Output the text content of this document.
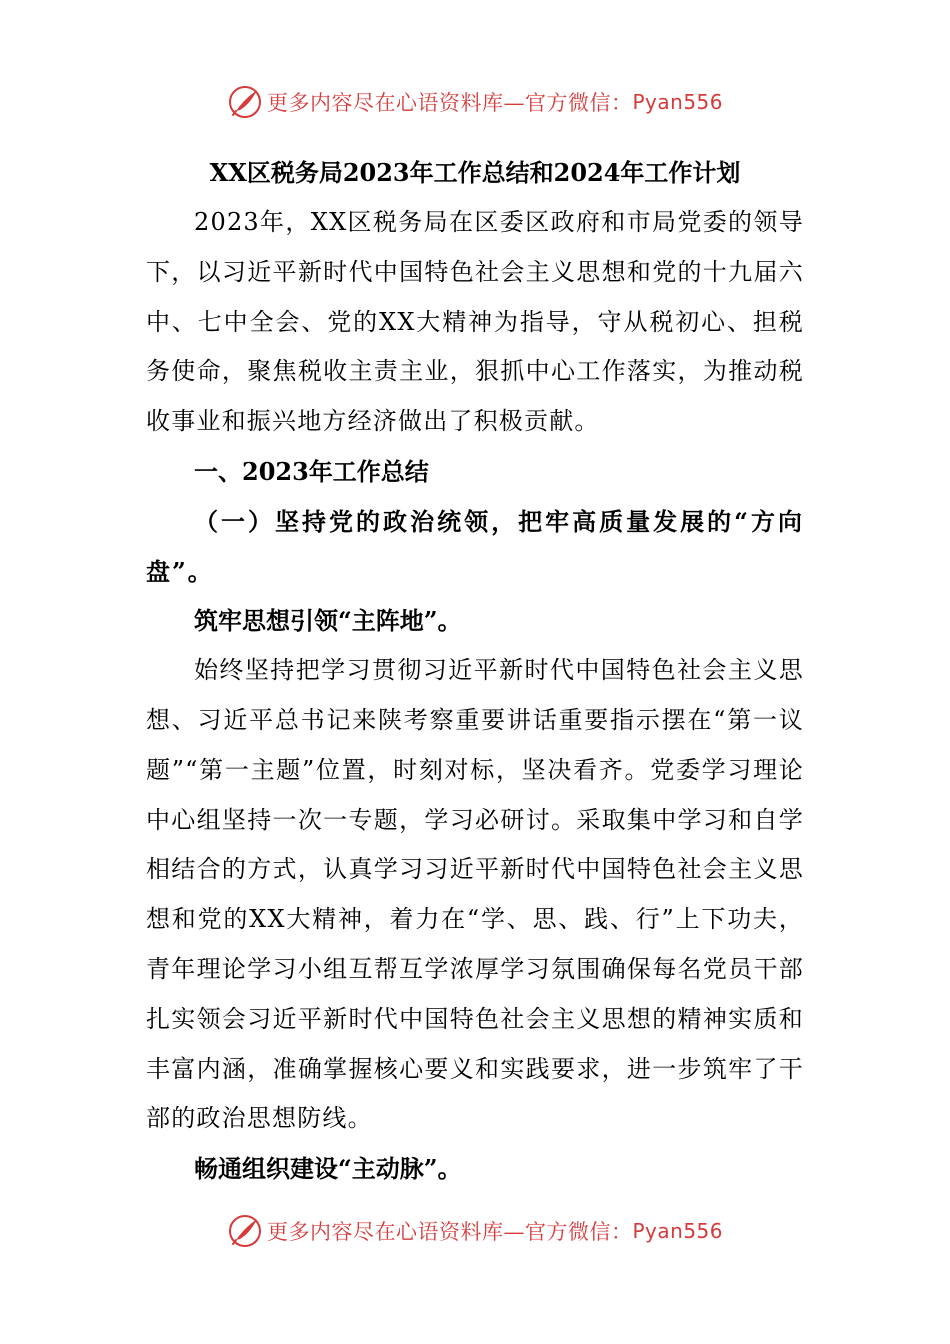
更多内容尽在心语资料库—官方微信： Pyan556

XX区税务局2023年工作总结和2024年工作计划

2023年，XX区税务局在区委区政府和市局党委的领导下，以习近平新时代中国特色社会主义思想和党的十九届六中、七中全会、党的XX大精神为指导，守从税初心、担税务使命，聚焦税收主责主业，狠抓中心工作落实，为推动税收事业和振兴地方经济做出了积极贡献。

一、2023年工作总结

（一）坚持党的政治统领，把牢高质量发展的“方向盘”。

筑牢思想引领“主阵地”。

始终坚持把学习贯彻习近平新时代中国特色社会主义思想、习近平总书记来陕考察重要讲话重要指示摆在“第一议题”“第一主题”位置，时刻对标，坚决看齐。党委学习理论中心组坚持一次一专题，学习必研讨。采取集中学习和自学相结合的方式，认真学习习近平新时代中国特色社会主义思想和党的XX大精神，着力在“学、思、践、行”上下功夫，青年理论学习小组互帮互学浓厚学习氛围确保每名党员干部扎实领会习近平新时代中国特色社会主义思想的精神实质和丰富内涵，准确掌握核心要义和实践要求，进一步筑牢了干部的政治思想防线。

畅通组织建设“主动脉”。

更多内容尽在心语资料库—官方微信： Pyan556
